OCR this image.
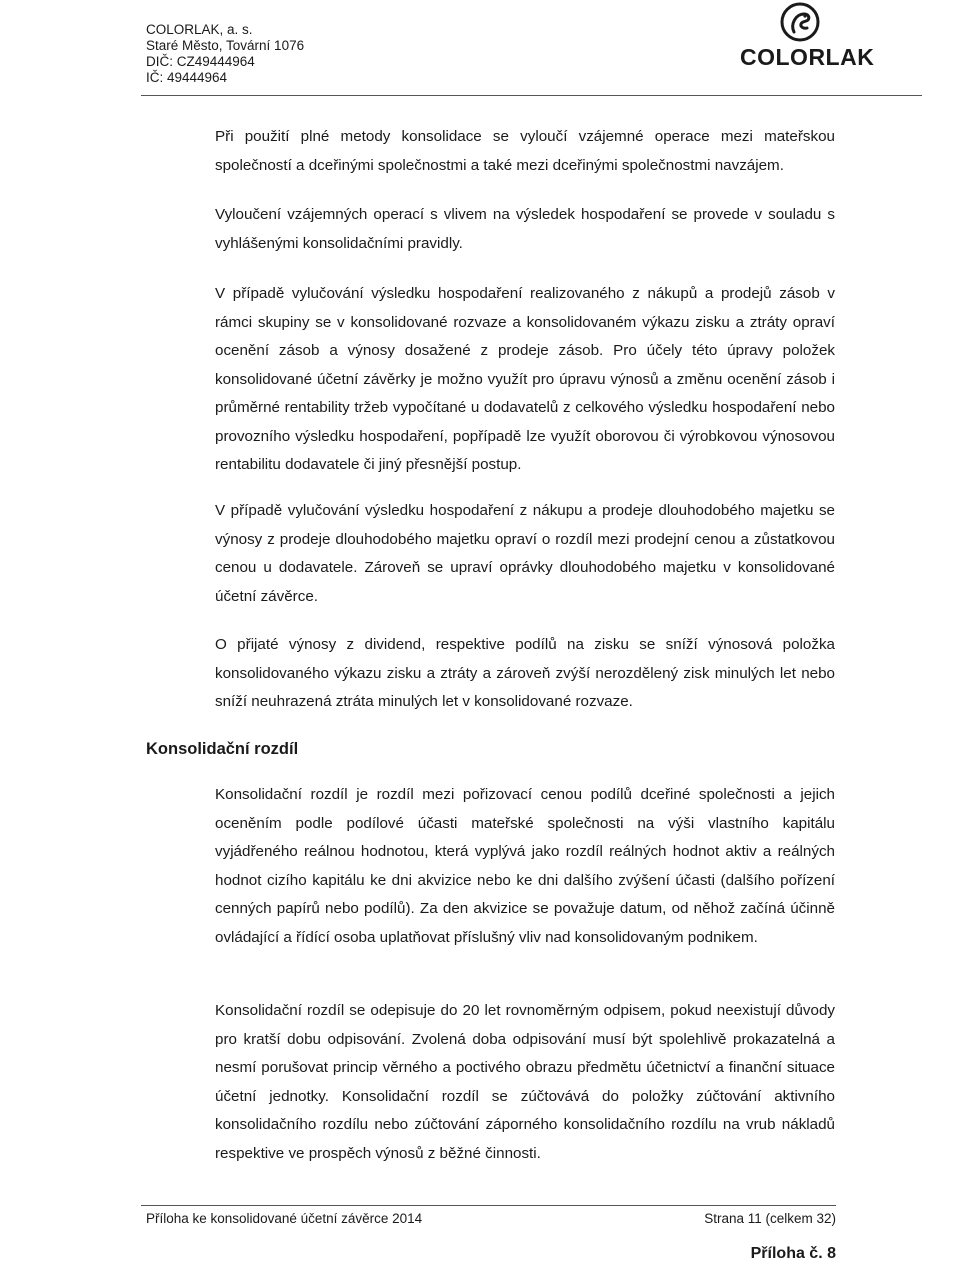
COLORLAK, a. s.
Staré Město, Tovární 1076
DIČ: CZ49444964
IČ: 49444964
COLORLAK

Při použití plné metody konsolidace se vyloučí vzájemné operace mezi mateřskou společností a dceřinými společnostmi a také mezi dceřinými společnostmi navzájem.

Vyloučení vzájemných operací s vlivem na výsledek hospodaření se provede v souladu s vyhlášenými konsolidačními pravidly.

V případě vylučování výsledku hospodaření realizovaného z nákupů a prodejů zásob v rámci skupiny se v konsolidované rozvaze a konsolidovaném výkazu zisku a ztráty opraví ocenění zásob a výnosy dosažené z prodeje zásob. Pro účely této úpravy položek konsolidované účetní závěrky je možno využít pro úpravu výnosů a změnu ocenění zásob i průměrné rentability tržeb vypočítané u dodavatelů z celkového výsledku hospodaření nebo provozního výsledku hospodaření, popřípadě lze využít oborovou či výrobkovou výnosovou rentabilitu dodavatele či jiný přesnější postup.

V případě vylučování výsledku hospodaření z nákupu a prodeje dlouhodobého majetku se výnosy z prodeje dlouhodobého majetku opraví o rozdíl mezi prodejní cenou a zůstatkovou cenou u dodavatele. Zároveň se upraví oprávky dlouhodobého majetku v konsolidované účetní závěrce.

O přijaté výnosy z dividend, respektive podílů na zisku se sníží výnosová položka konsolidovaného výkazu zisku a ztráty a zároveň zvýší nerozdělený zisk minulých let nebo sníží neuhrazená ztráta minulých let v konsolidované rozvaze.

Konsolidační rozdíl

Konsolidační rozdíl je rozdíl mezi pořizovací cenou podílů dceřiné společnosti a jejich oceněním podle podílové účasti mateřské společnosti na výši vlastního kapitálu vyjádřeného reálnou hodnotou, která vyplývá jako rozdíl reálných hodnot aktiv a reálných hodnot cizího kapitálu ke dni akvizice nebo ke dni dalšího zvýšení účasti (dalšího pořízení cenných papírů nebo podílů). Za den akvizice se považuje datum, od něhož začíná účinně ovládající a řídící osoba uplatňovat příslušný vliv nad konsolidovaným podnikem.

Konsolidační rozdíl se odepisuje do 20 let rovnoměrným odpisem, pokud neexistují důvody pro kratší dobu odpisování. Zvolená doba odpisování musí být spolehlivě prokazatelná a nesmí porušovat princip věrného a poctivého obrazu předmětu účetnictví a finanční situace účetní jednotky. Konsolidační rozdíl se zúčtovává do položky zúčtování aktivního konsolidačního rozdílu nebo zúčtování záporného konsolidačního rozdílu na vrub nákladů respektive ve prospěch výnosů z běžné činnosti.

Příloha ke konsolidované účetní závěrce 2014	Strana 11 (celkem 32)
Příloha č. 8
